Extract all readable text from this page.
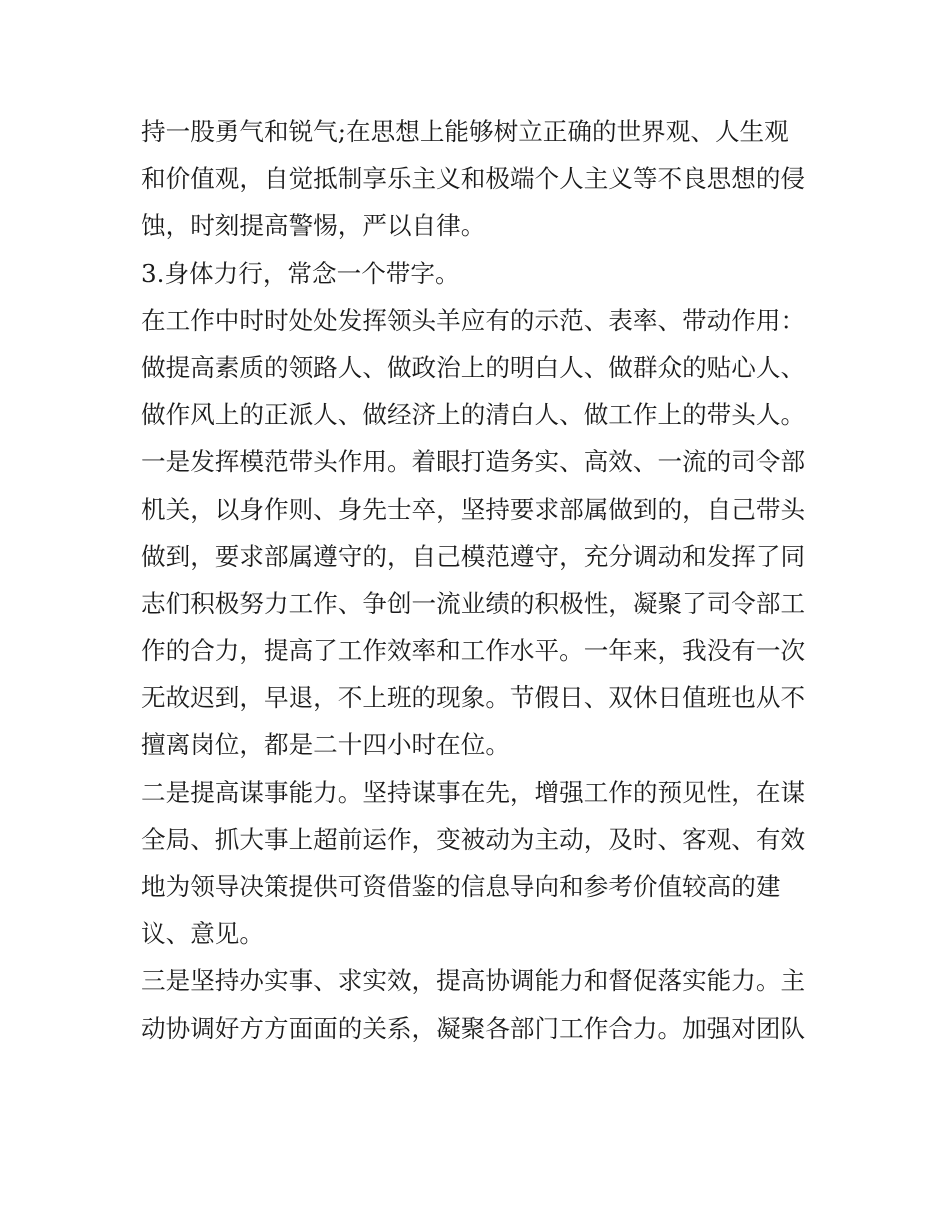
持一股勇气和锐气;在思想上能够树立正确的世界观、人生观
和价值观，自觉抵制享乐主义和极端个人主义等不良思想的侵
蚀，时刻提高警惕，严以自律。
3.身体力行，常念一个带字。
在工作中时时处处发挥领头羊应有的示范、表率、带动作用：
做提高素质的领路人、做政治上的明白人、做群众的贴心人、
做作风上的正派人、做经济上的清白人、做工作上的带头人。
一是发挥模范带头作用。着眼打造务实、高效、一流的司令部
机关，以身作则、身先士卒，坚持要求部属做到的，自己带头
做到，要求部属遵守的，自己模范遵守，充分调动和发挥了同
志们积极努力工作、争创一流业绩的积极性，凝聚了司令部工
作的合力，提高了工作效率和工作水平。一年来，我没有一次
无故迟到，早退，不上班的现象。节假日、双休日值班也从不
擅离岗位，都是二十四小时在位。
二是提高谋事能力。坚持谋事在先，增强工作的预见性，在谋
全局、抓大事上超前运作，变被动为主动，及时、客观、有效
地为领导决策提供可资借鉴的信息导向和参考价值较高的建
议、意见。
三是坚持办实事、求实效，提高协调能力和督促落实能力。主
动协调好方方面面的关系，凝聚各部门工作合力。加强对团队
